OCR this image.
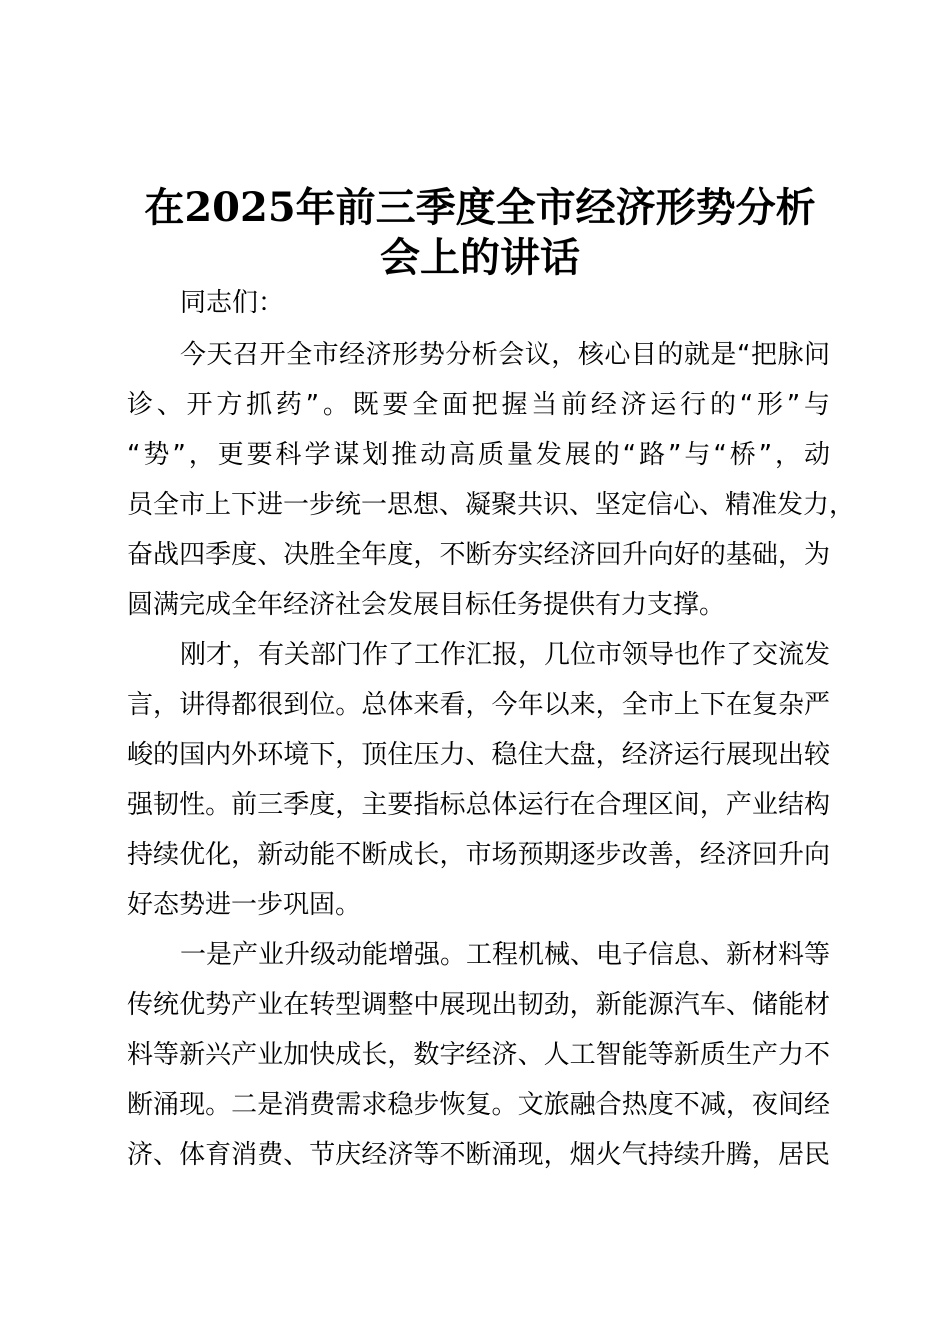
在2025年前三季度全市经济形势分析
会上的讲话
同志们：
今天召开全市经济形势分析会议，核心目的就是“把脉问
诊、开方抓药”。既要全面把握当前经济运行的“形”与
“势”，更要科学谋划推动高质量发展的“路”与“桥”，动
员全市上下进一步统一思想、凝聚共识、坚定信心、精准发力，
奋战四季度、决胜全年度，不断夯实经济回升向好的基础，为
圆满完成全年经济社会发展目标任务提供有力支撑。
刚才，有关部门作了工作汇报，几位市领导也作了交流发
言，讲得都很到位。总体来看，今年以来，全市上下在复杂严
峻的国内外环境下，顶住压力、稳住大盘，经济运行展现出较
强韧性。前三季度，主要指标总体运行在合理区间，产业结构
持续优化，新动能不断成长，市场预期逐步改善，经济回升向
好态势进一步巩固。
一是产业升级动能增强。工程机械、电子信息、新材料等
传统优势产业在转型调整中展现出韧劲，新能源汽车、储能材
料等新兴产业加快成长，数字经济、人工智能等新质生产力不
断涌现。二是消费需求稳步恢复。文旅融合热度不减，夜间经
济、体育消费、节庆经济等不断涌现，烟火气持续升腾，居民
